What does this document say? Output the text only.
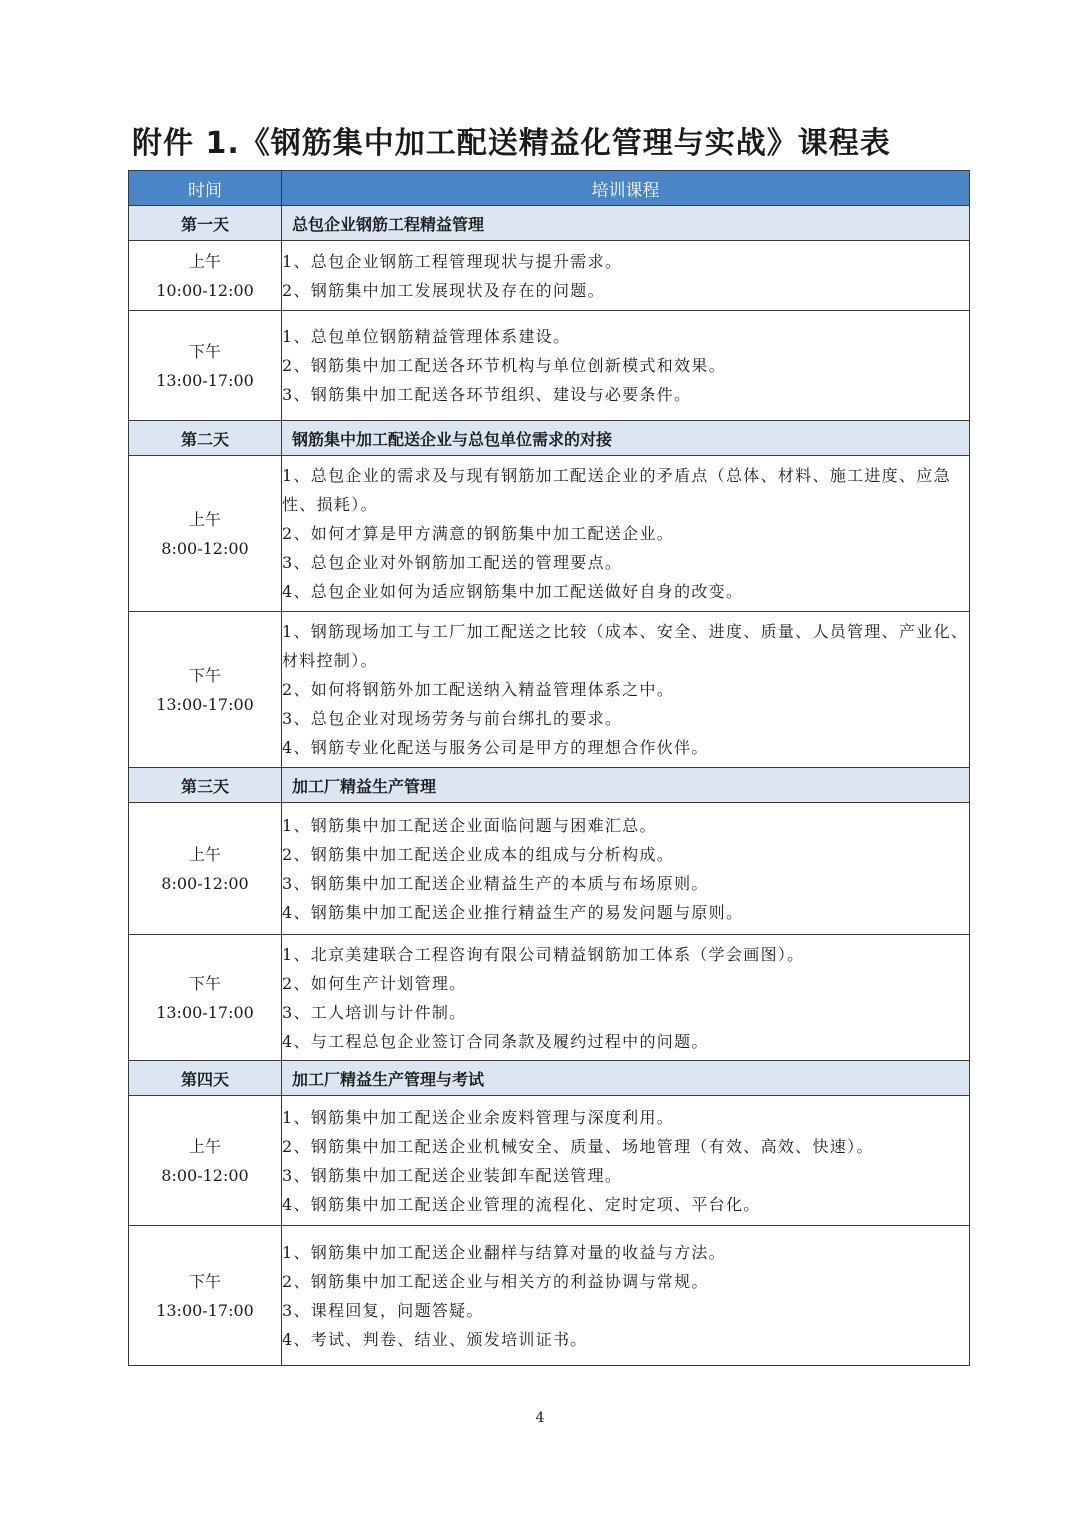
附件 1.《钢筋集中加工配送精益化管理与实战》课程表
时间	培训课程
第一天	总包企业钢筋工程精益管理

上午
10:00-12:00	1、总包企业钢筋工程管理现状与提升需求。
2、钢筋集中加工发展现状及存在的问题。

下午
13:00-17:00	1、总包单位钢筋精益管理体系建设。
2、钢筋集中加工配送各环节机构与单位创新模式和效果。
3、钢筋集中加工配送各环节组织、建设与必要条件。

第二天	钢筋集中加工配送企业与总包单位需求的对接

上午
8:00-12:00	1、总包企业的需求及与现有钢筋加工配送企业的矛盾点（总体、材料、施工进度、应急性、损耗）。
2、如何才算是甲方满意的钢筋集中加工配送企业。
3、总包企业对外钢筋加工配送的管理要点。
4、总包企业如何为适应钢筋集中加工配送做好自身的改变。

下午
13:00-17:00	1、钢筋现场加工与工厂加工配送之比较（成本、安全、进度、质量、人员管理、产业化、材料控制）。
2、如何将钢筋外加工配送纳入精益管理体系之中。
3、总包企业对现场劳务与前台绑扎的要求。
4、钢筋专业化配送与服务公司是甲方的理想合作伙伴。

第三天	加工厂精益生产管理

上午
8:00-12:00	1、钢筋集中加工配送企业面临问题与困难汇总。
2、钢筋集中加工配送企业成本的组成与分析构成。
3、钢筋集中加工配送企业精益生产的本质与布场原则。
4、钢筋集中加工配送企业推行精益生产的易发问题与原则。

下午
13:00-17:00	1、北京美建联合工程咨询有限公司精益钢筋加工体系（学会画图）。
2、如何生产计划管理。
3、工人培训与计件制。
4、与工程总包企业签订合同条款及履约过程中的问题。

第四天	加工厂精益生产管理与考试

上午
8:00-12:00	1、钢筋集中加工配送企业余废料管理与深度利用。
2、钢筋集中加工配送企业机械安全、质量、场地管理（有效、高效、快速）。
3、钢筋集中加工配送企业装卸车配送管理。
4、钢筋集中加工配送企业管理的流程化、定时定项、平台化。

下午
13:00-17:00	1、钢筋集中加工配送企业翻样与结算对量的收益与方法。
2、钢筋集中加工配送企业与相关方的利益协调与常规。
3、课程回复，问题答疑。
4、考试、判卷、结业、颁发培训证书。
4
